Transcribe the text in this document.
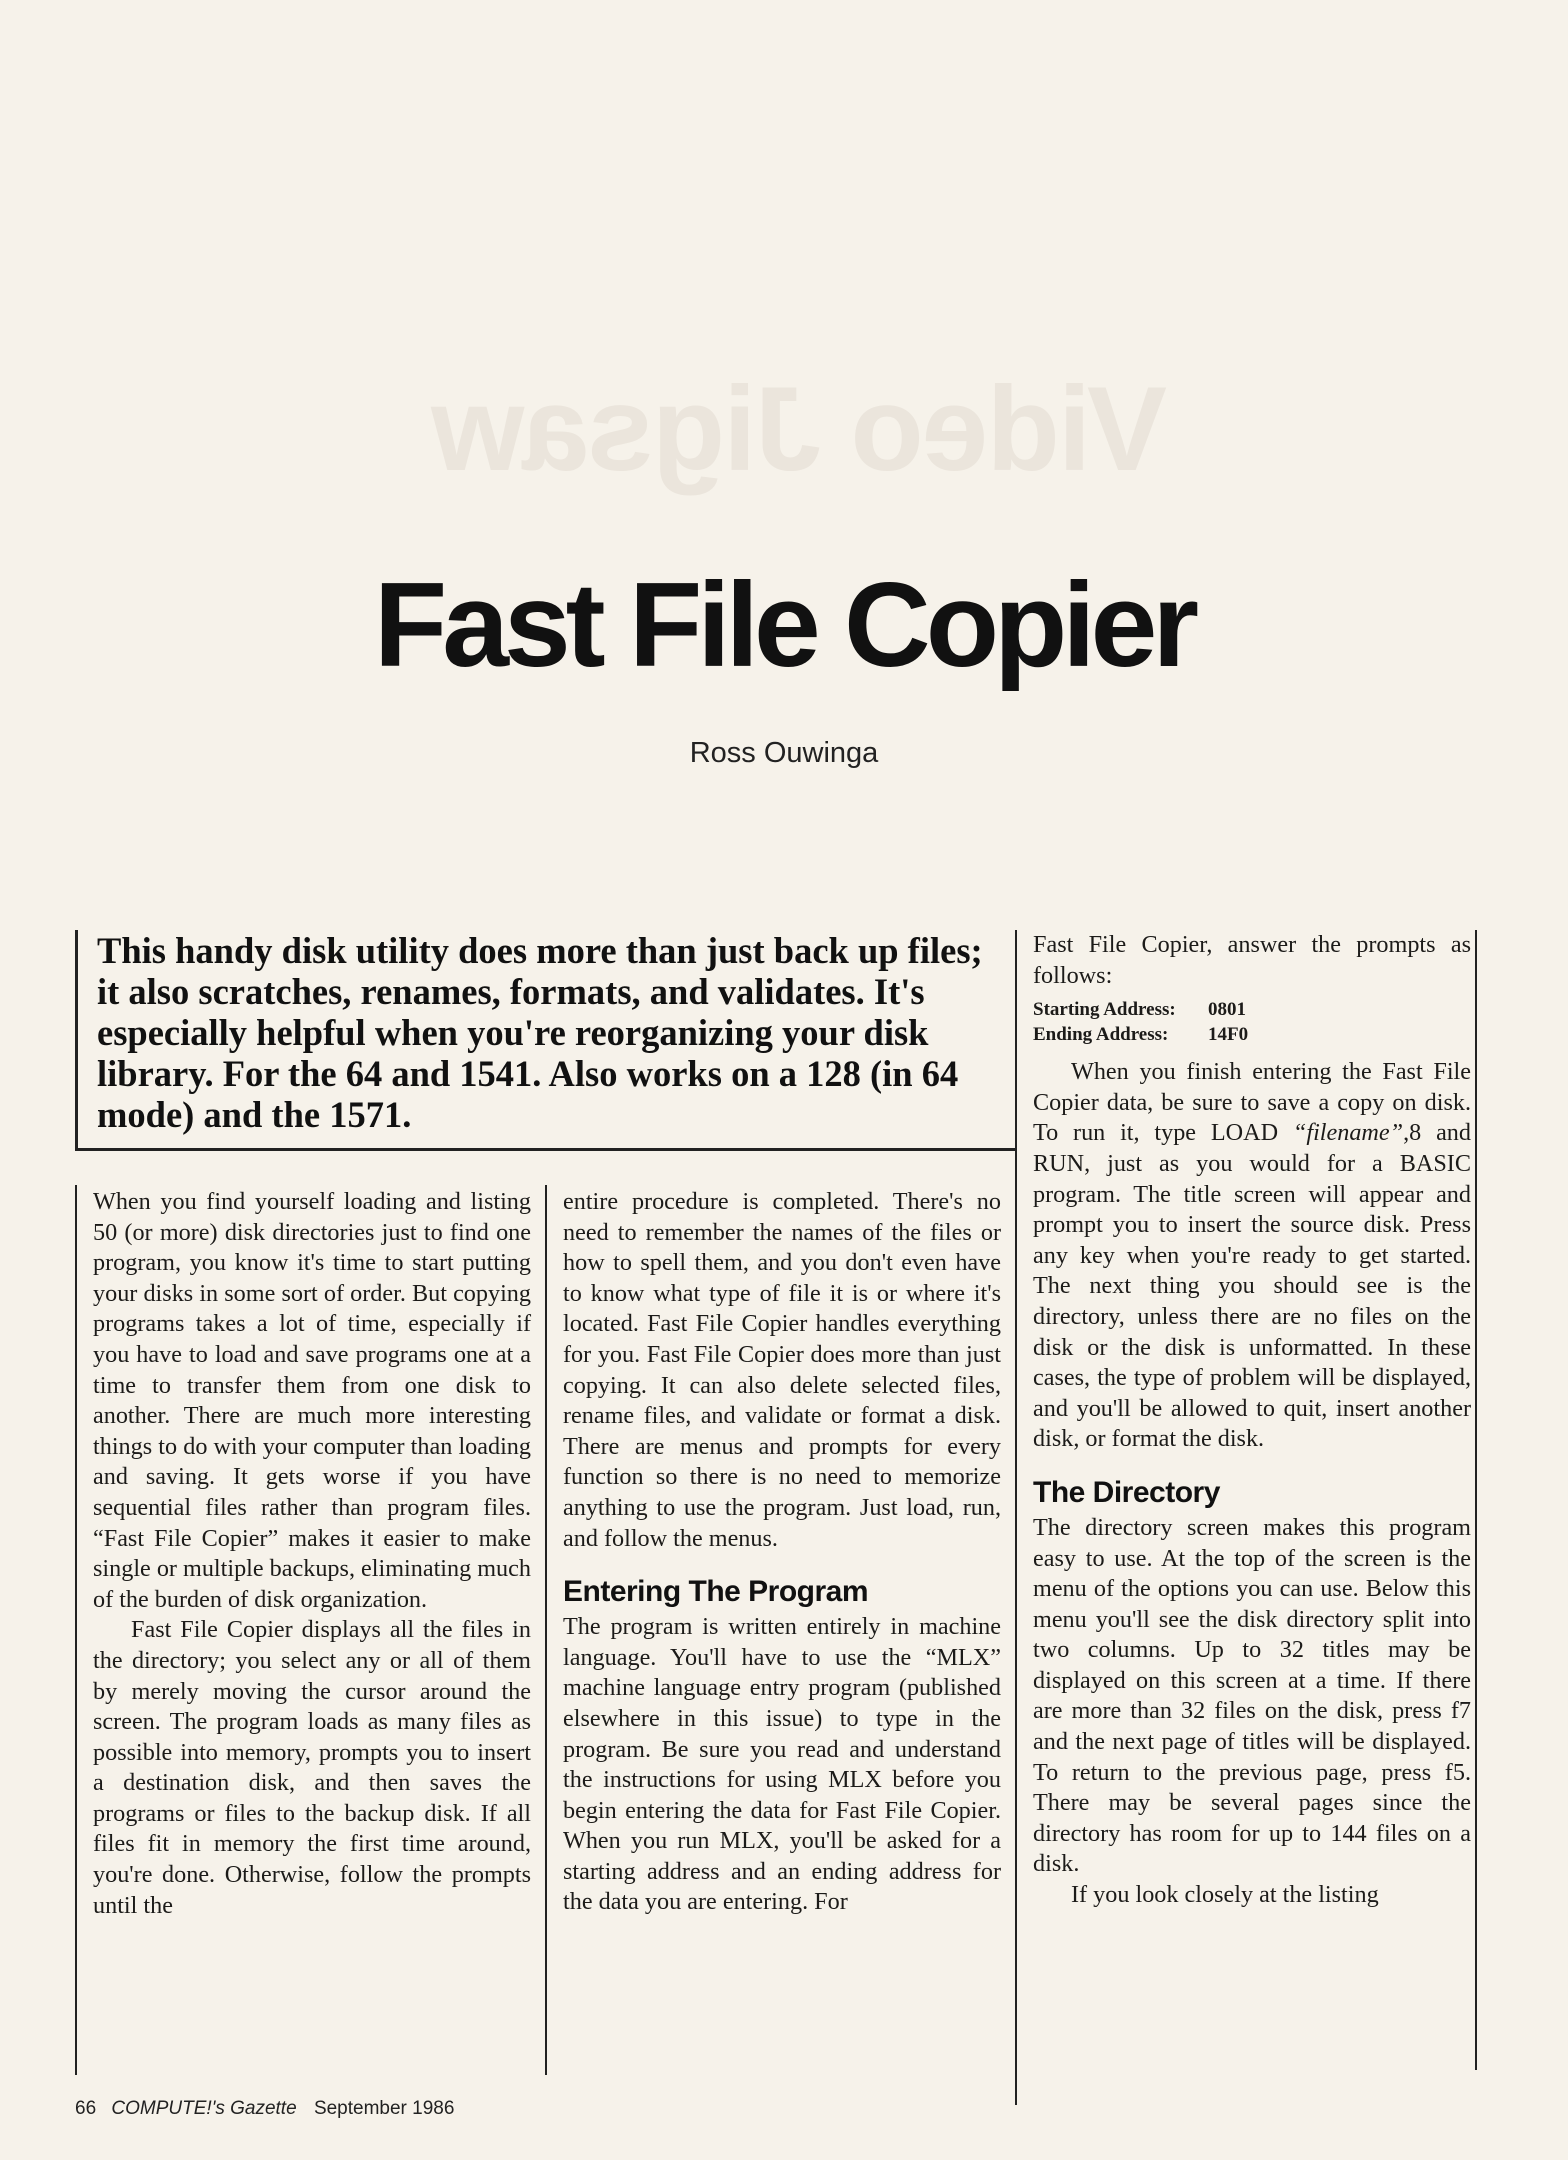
Video Jigsaw
Fast File Copier
Ross Ouwinga
This handy disk utility does more than just back up files; it also scratches, renames, formats, and validates. It's especially helpful when you're reorganizing your disk library. For the 64 and 1541. Also works on a 128 (in 64 mode) and the 1571.

When you find yourself loading and listing 50 (or more) disk directories just to find one program, you know it's time to start putting your disks in some sort of order. But copying programs takes a lot of time, especially if you have to load and save programs one at a time to transfer them from one disk to another. There are much more interesting things to do with your computer than loading and saving. It gets worse if you have sequential files rather than program files. “Fast File Copier” makes it easier to make single or multiple backups, eliminating much of the burden of disk organization.

Fast File Copier displays all the files in the directory; you select any or all of them by merely moving the cursor around the screen. The program loads as many files as possible into memory, prompts you to insert a destination disk, and then saves the programs or files to the backup disk. If all files fit in memory the first time around, you're done. Otherwise, follow the prompts until the

entire procedure is completed. There's no need to remember the names of the files or how to spell them, and you don't even have to know what type of file it is or where it's located. Fast File Copier handles everything for you. Fast File Copier does more than just copying. It can also delete selected files, rename files, and validate or format a disk. There are menus and prompts for every function so there is no need to memorize anything to use the program. Just load, run, and follow the menus.

Entering The Program

The program is written entirely in machine language. You'll have to use the “MLX” machine language entry program (published elsewhere in this issue) to type in the program. Be sure you read and understand the instructions for using MLX before you begin entering the data for Fast File Copier. When you run MLX, you'll be asked for a starting address and an ending address for the data you are entering. For

Fast File Copier, answer the prompts as follows:

Starting Address: 0801
Ending Address: 14F0

When you finish entering the Fast File Copier data, be sure to save a copy on disk. To run it, type LOAD “filename”,8 and RUN, just as you would for a BASIC program. The title screen will appear and prompt you to insert the source disk. Press any key when you're ready to get started. The next thing you should see is the directory, unless there are no files on the disk or the disk is unformatted. In these cases, the type of problem will be displayed, and you'll be allowed to quit, insert another disk, or format the disk.

The Directory

The directory screen makes this program easy to use. At the top of the screen is the menu of the options you can use. Below this menu you'll see the disk directory split into two columns. Up to 32 titles may be displayed on this screen at a time. If there are more than 32 files on the disk, press f7 and the next page of titles will be displayed. To return to the previous page, press f5. There may be several pages since the directory has room for up to 144 files on a disk.

If you look closely at the listing

66 COMPUTE!'s Gazette September 1986
